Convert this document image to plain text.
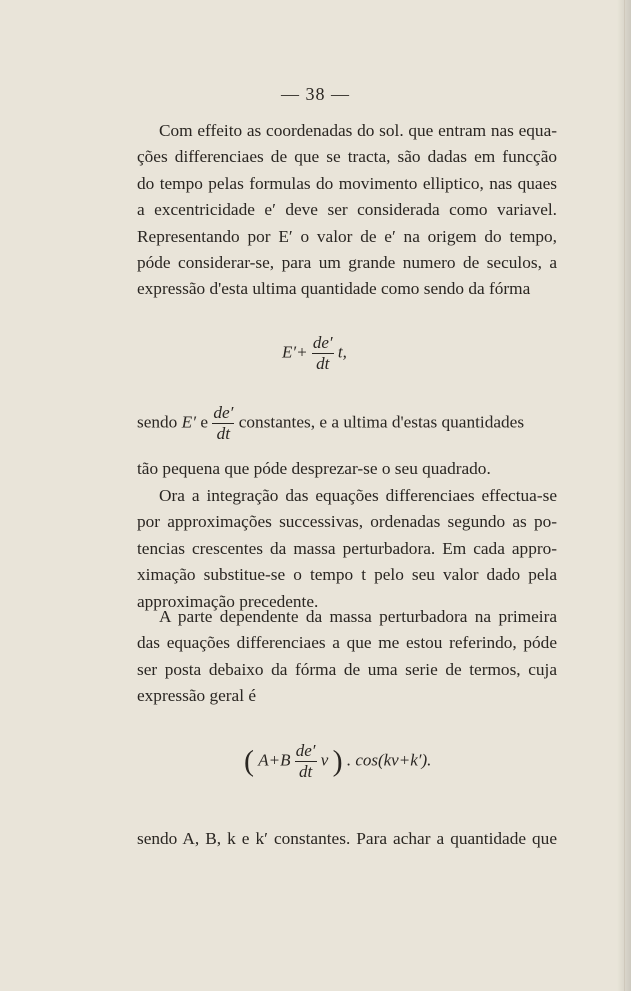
— 38 —
Com effeito as coordenadas do sol. que entram nas equa-
ções differenciaes de que se tracta, são dadas em funcção
do tempo pelas formulas do movimento elliptico, nas quaes
a excentricidade e′ deve ser considerada como variavel.
Representando por E′ o valor de e′ na origem do tempo,
póde considerar-se, para um grande numero de seculos, a
expressão d'esta ultima quantidade como sendo da fórma
$E'+ \frac{de'}{dt} t$,
sendo E′ e $\frac{de'}{dt}$ constantes, e a ultima d'estas quantidades
tão pequena que póde desprezar-se o seu quadrado.
Ora a integração das equações differenciaes effectua-se
por approximações successivas, ordenadas segundo as po-
tencias crescentes da massa perturbadora. Em cada appro-
ximação substitue-se o tempo t pelo seu valor dado pela
approximação precedente.
A parte dependente da massa perturbadora na primeira
das equações differenciaes a que me estou referindo, póde
ser posta debaixo da fórma de uma serie de termos, cuja
expressão geral é
( $A+B \frac{de'}{dt}$ v ) . cos(kv+k′).
sendo A, B, k e k′ constantes. Para achar a quantidade que
